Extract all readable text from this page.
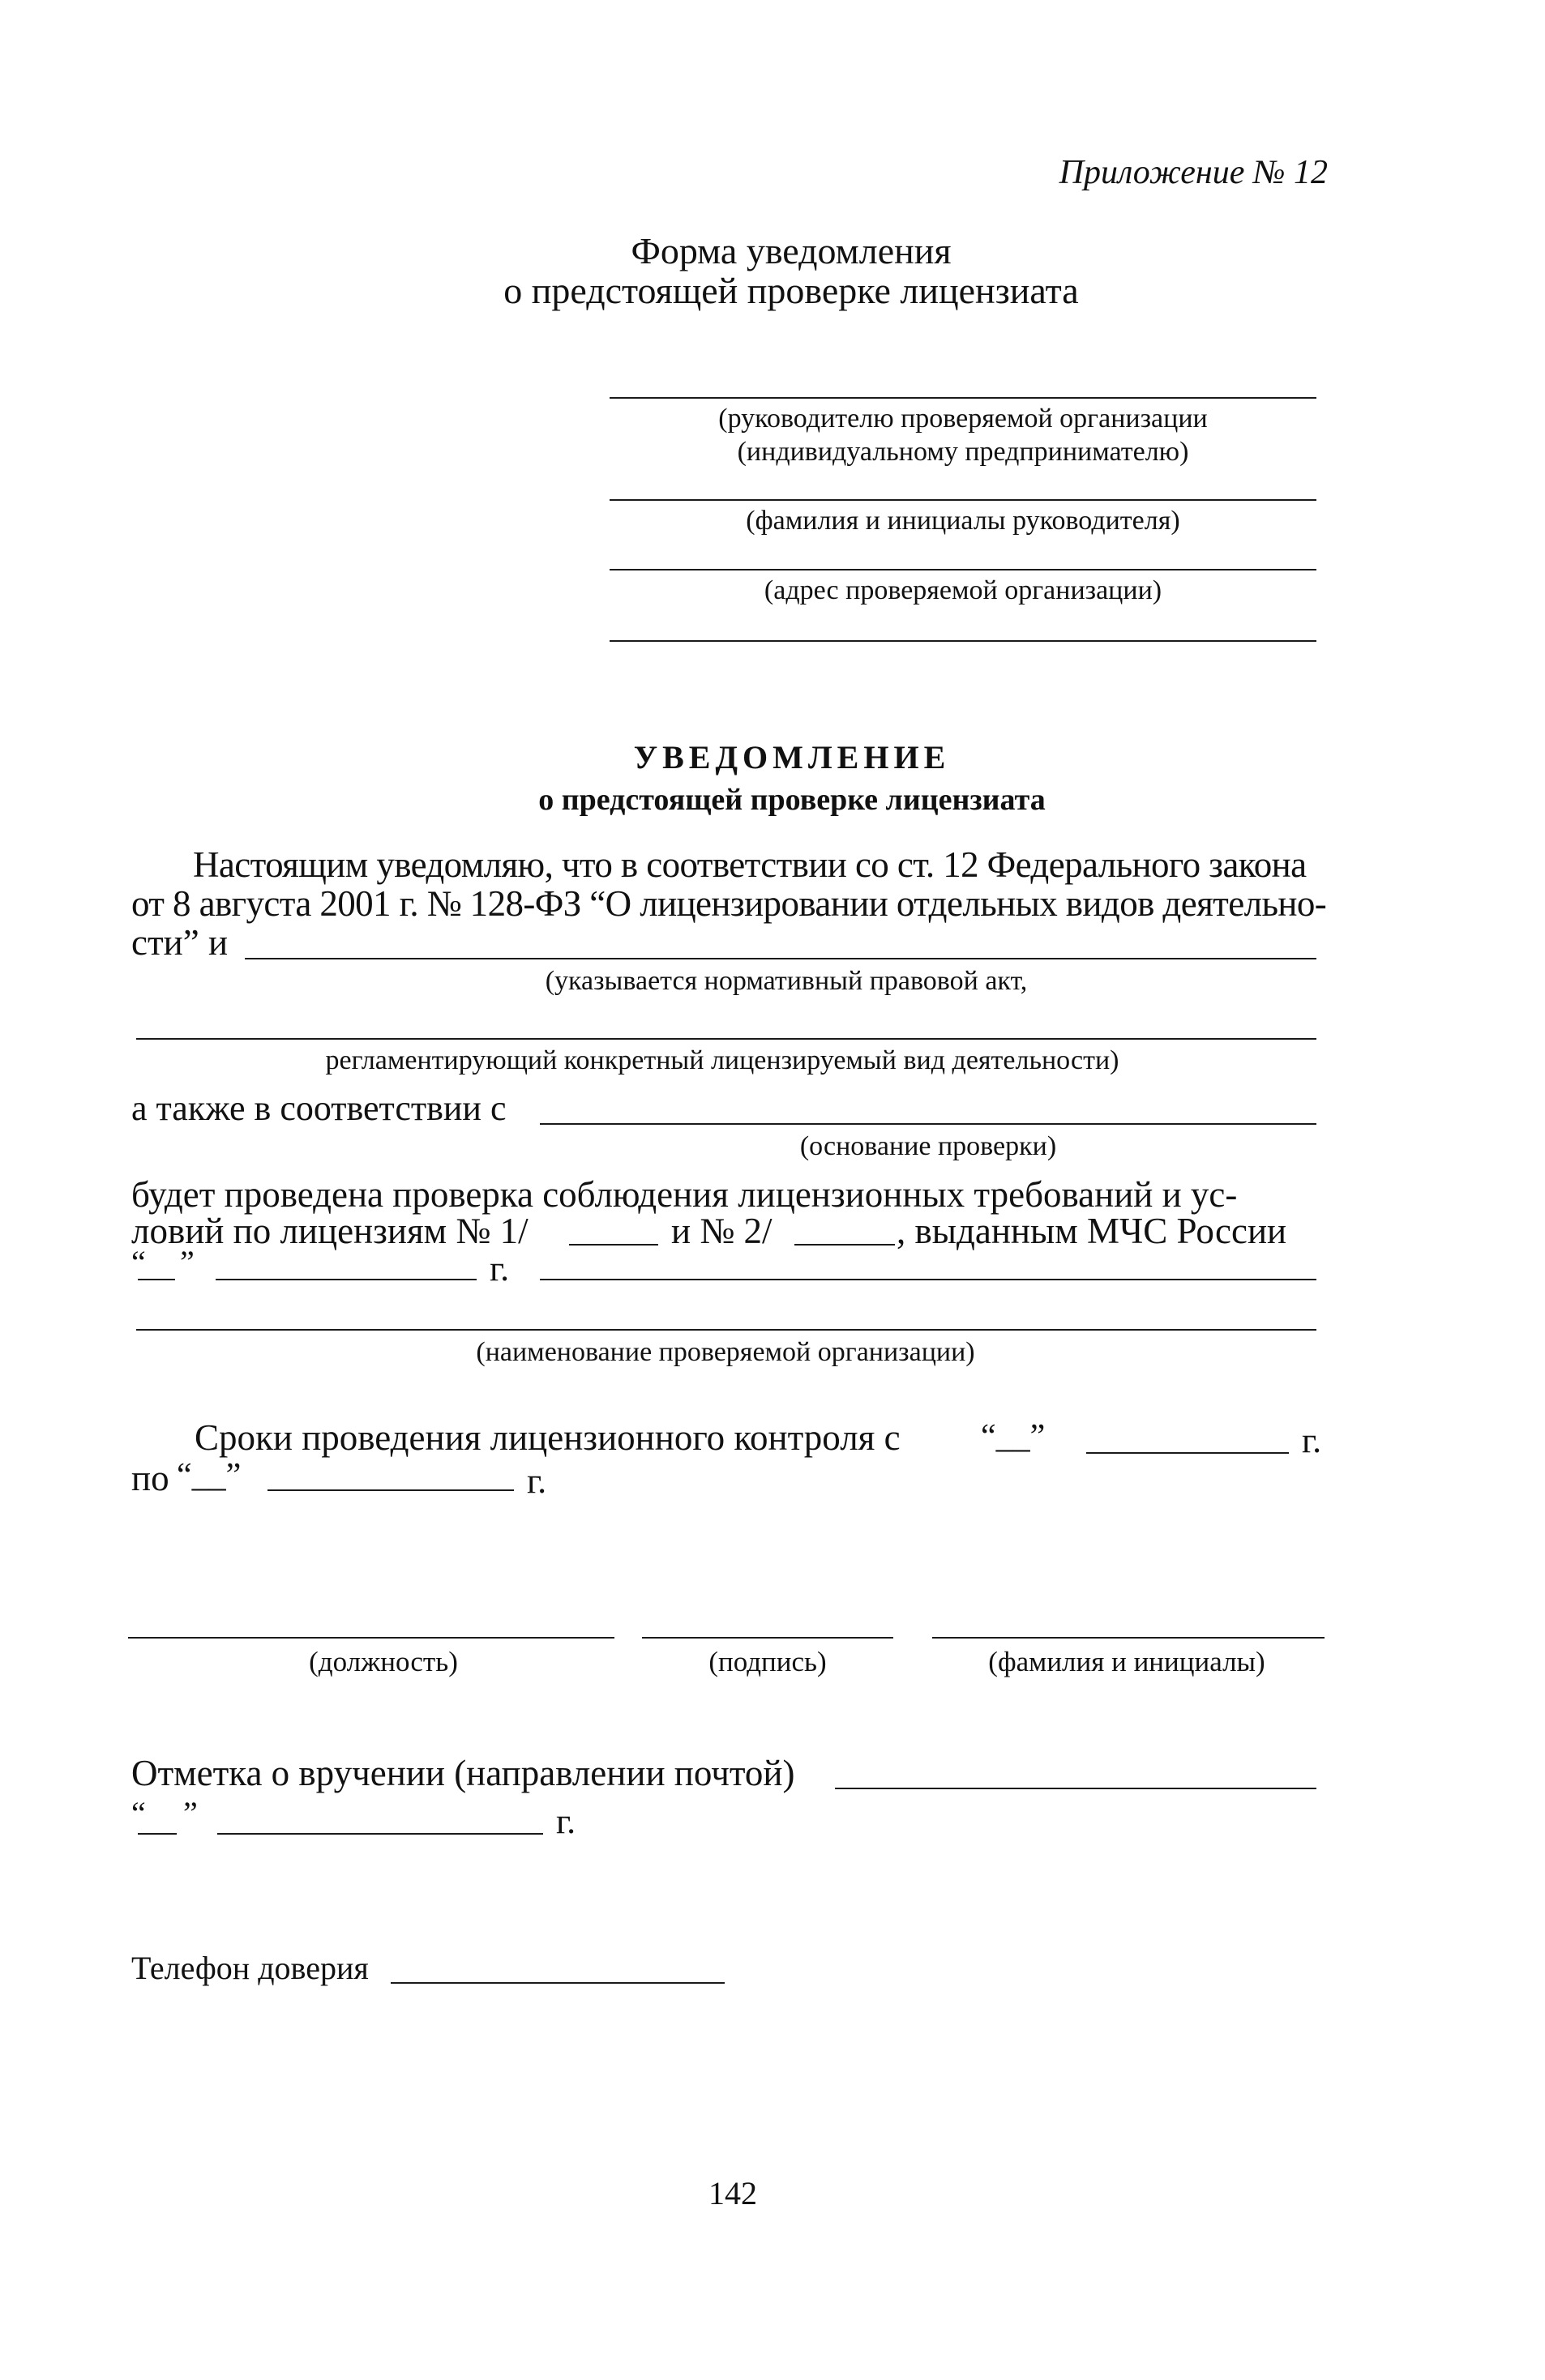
Приложение № 12
Форма уведомления
о предстоящей проверке лицензиата
(руководителю проверяемой организации
(индивидуальному предпринимателю)
(фамилия и инициалы руководителя)
(адрес проверяемой организации)
УВЕДОМЛЕНИЕ
о предстоящей проверке лицензиата
Настоящим уведомляю, что в соответствии со ст. 12 Федерального закона
от 8 августа 2001 г. № 128-ФЗ “О лицензировании отдельных видов деятельно-
сти” и
(указывается нормативный правовой акт,
регламентирующий конкретный лицензируемый вид деятельности)
а также в соответствии с
(основание проверки)
будет проведена проверка соблюдения лицензионных требований и ус-
ловий по лицензиям № 1/	и № 2/	, выданным МЧС России
“ ”	г.
(наименование проверяемой организации)
Сроки проведения лицензионного контроля с “__”	г.
по “__”	г.
(должность)	(подпись)	(фамилия и инициалы)
Отметка о вручении (направлении почтой)
“ ”	г.
Телефон доверия
142
